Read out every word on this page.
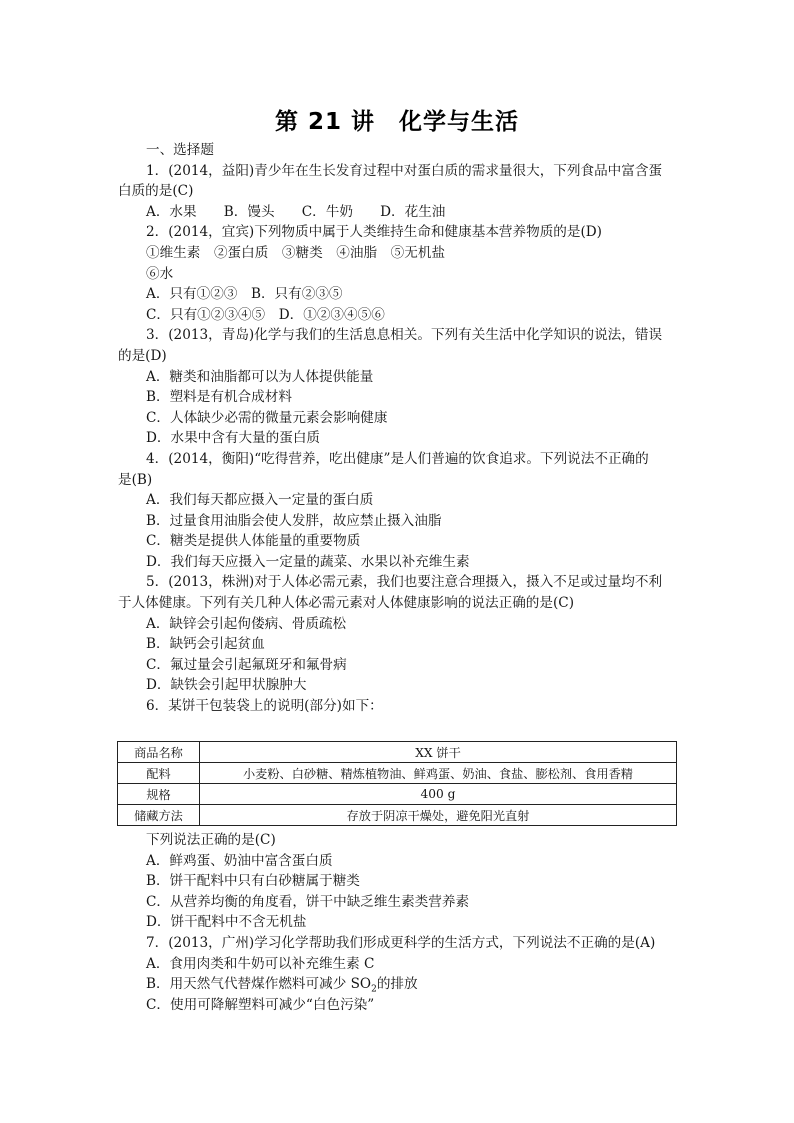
第 21 讲　化学与生活
一、选择题
1．(2014，益阳)青少年在生长发育过程中对蛋白质的需求量很大，下列食品中富含蛋
白质的是(C)
A．水果　　B．馒头　　C．牛奶　　D．花生油
2．(2014，宜宾)下列物质中属于人类维持生命和健康基本营养物质的是(D)
①维生素　②蛋白质　③糖类　④油脂　⑤无机盐
⑥水
A．只有①②③　B．只有②③⑤
C．只有①②③④⑤　D．①②③④⑤⑥
3．(2013，青岛)化学与我们的生活息息相关。下列有关生活中化学知识的说法，错误
的是(D)
A．糖类和油脂都可以为人体提供能量
B．塑料是有机合成材料
C．人体缺少必需的微量元素会影响健康
D．水果中含有大量的蛋白质
4．(2014，衡阳)“吃得营养，吃出健康”是人们普遍的饮食追求。下列说法不正确的
是(B)
A．我们每天都应摄入一定量的蛋白质
B．过量食用油脂会使人发胖，故应禁止摄入油脂
C．糖类是提供人体能量的重要物质
D．我们每天应摄入一定量的蔬菜、水果以补充维生素
5．(2013，株洲)对于人体必需元素，我们也要注意合理摄入，摄入不足或过量均不利
于人体健康。下列有关几种人体必需元素对人体健康影响的说法正确的是(C)
A．缺锌会引起佝偻病、骨质疏松
B．缺钙会引起贫血
C．氟过量会引起氟斑牙和氟骨病
D．缺铁会引起甲状腺肿大
6．某饼干包装袋上的说明(部分)如下：
商品名称	XX 饼干
配料	小麦粉、白砂糖、精炼植物油、鲜鸡蛋、奶油、食盐、膨松剂、食用香精
规格	400 g
储藏方法	存放于阴凉干燥处，避免阳光直射
下列说法正确的是(C)
A．鲜鸡蛋、奶油中富含蛋白质
B．饼干配料中只有白砂糖属于糖类
C．从营养均衡的角度看，饼干中缺乏维生素类营养素
D．饼干配料中不含无机盐
7．(2013，广州)学习化学帮助我们形成更科学的生活方式，下列说法不正确的是(A)
A．食用肉类和牛奶可以补充维生素 C
B．用天然气代替煤作燃料可减少 $SO_2$的排放
C．使用可降解塑料可减少“白色污染”
